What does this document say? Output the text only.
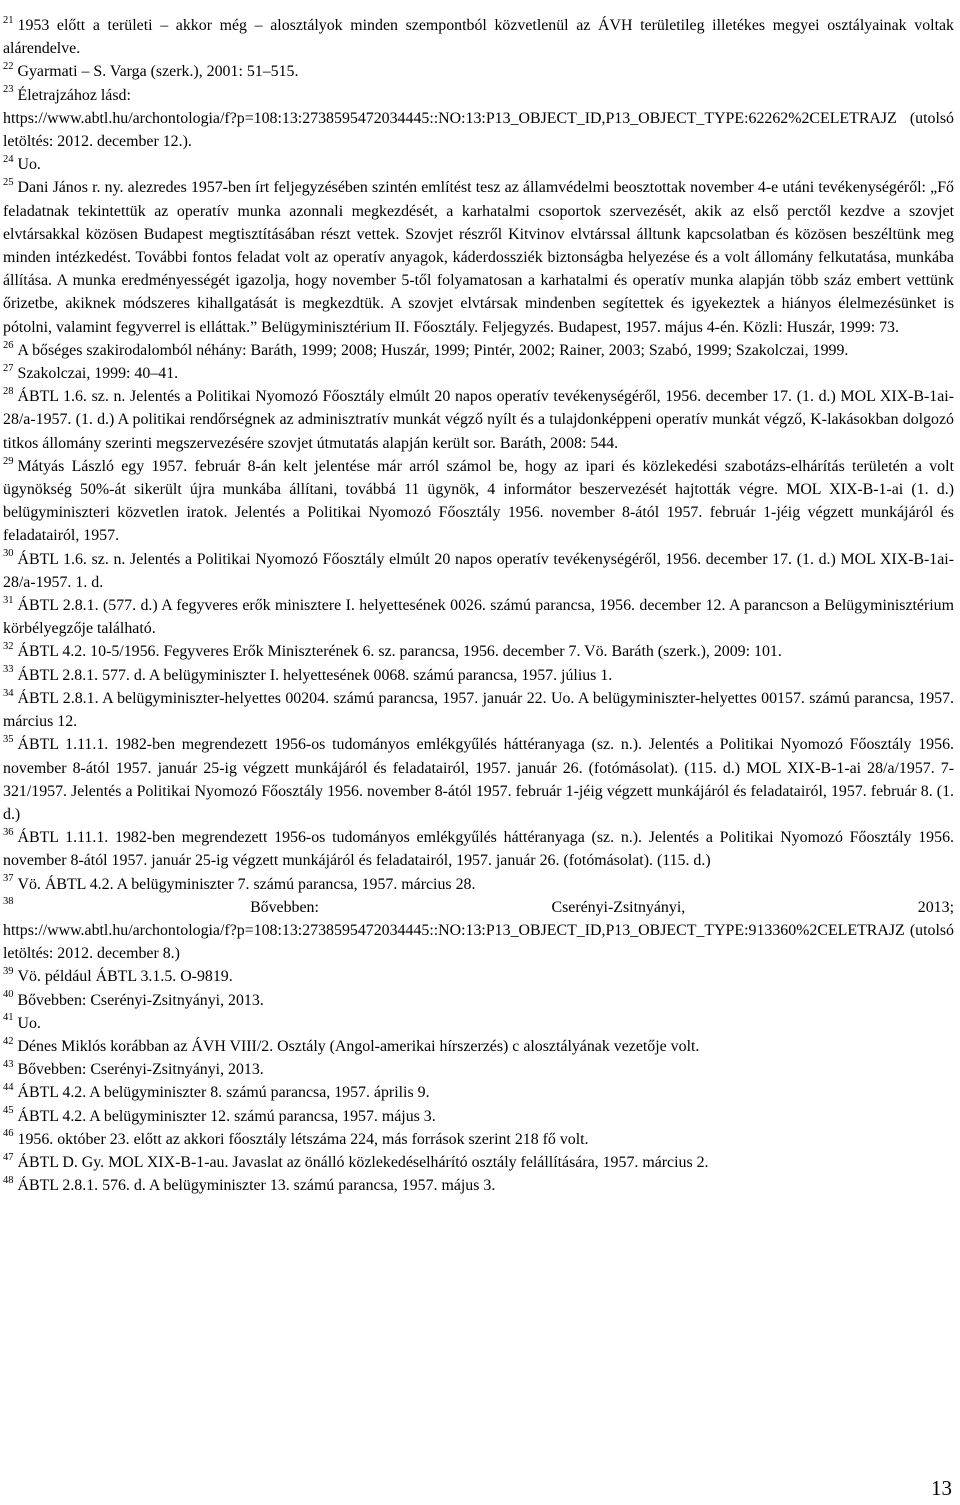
$^{21}$ 1953 előtt a területi – akkor még – alosztályok minden szempontból közvetlenül az ÁVH területileg illetékes megyei osztályainak voltak alárendelve.

$^{22}$ Gyarmati – S. Varga (szerk.), 2001: 51–515.

$^{23}$ Életrajzához lásd:
https://www.abtl.hu/archontologia/f?p=108:13:2738595472034445::NO:13:P13_OBJECT_ID,P13_OBJECT_TYPE:62262%2CELETRAJZ (utolsó letöltés: 2012. december 12.).

$^{24}$ Uo.

$^{25}$ Dani János r. ny. alezredes 1957-ben írt feljegyzésében szintén említést tesz az államvédelmi beosztottak november 4-e utáni tevékenységéről: „Fő feladatnak tekintettük az operatív munka azonnali megkezdését, a karhatalmi csoportok szervezését, akik az első perctől kezdve a szovjet elvtársakkal közösen Budapest megtisztításában részt vettek. Szovjet részről Kitvinov elvtárssal álltunk kapcsolatban és közösen beszéltünk meg minden intézkedést. További fontos feladat volt az operatív anyagok, káderdossziék biztonságba helyezése és a volt állomány felkutatása, munkába állítása. A munka eredményességét igazolja, hogy november 5-től folyamatosan a karhatalmi és operatív munka alapján több száz embert vettünk őrizetbe, akiknek módszeres kihallgatását is megkezdtük. A szovjet elvtársak mindenben segítettek és igyekeztek a hiányos élelmezésünket is pótolni, valamint fegyverrel is elláttak.” Belügyminisztérium II. Főosztály. Feljegyzés. Budapest, 1957. május 4-én. Közli: Huszár, 1999: 73.

$^{26}$ A bőséges szakirodalomból néhány: Baráth, 1999; 2008; Huszár, 1999; Pintér, 2002; Rainer, 2003; Szabó, 1999; Szakolczai, 1999.

$^{27}$ Szakolczai, 1999: 40–41.

$^{28}$ ÁBTL 1.6. sz. n. Jelentés a Politikai Nyomozó Főosztály elmúlt 20 napos operatív tevékenységéről, 1956. december 17. (1. d.) MOL XIX-B-1ai-28/a-1957. (1. d.) A politikai rendőrségnek az adminisztratív munkát végző nyílt és a tulajdonképpeni operatív munkát végző, K-lakásokban dolgozó titkos állomány szerinti megszervezésére szovjet útmutatás alapján került sor. Baráth, 2008: 544.

$^{29}$ Mátyás László egy 1957. február 8-án kelt jelentése már arról számol be, hogy az ipari és közlekedési szabotázs-elhárítás területén a volt ügynökség 50%-át sikerült újra munkába állítani, továbbá 11 ügynök, 4 informátor beszervezését hajtották végre. MOL XIX-B-1-ai (1. d.) belügyminiszteri közvetlen iratok. Jelentés a Politikai Nyomozó Főosztály 1956. november 8-ától 1957. február 1-jéig végzett munkájáról és feladatairól, 1957.

$^{30}$ ÁBTL 1.6. sz. n. Jelentés a Politikai Nyomozó Főosztály elmúlt 20 napos operatív tevékenységéről, 1956. december 17. (1. d.) MOL XIX-B-1ai-28/a-1957. 1. d.

$^{31}$ ÁBTL 2.8.1. (577. d.) A fegyveres erők minisztere I. helyettesének 0026. számú parancsa, 1956. december 12. A parancson a Belügyminisztérium körbélyegzője található.

$^{32}$ ÁBTL 4.2. 10-5/1956. Fegyveres Erők Miniszterének 6. sz. parancsa, 1956. december 7. Vö. Baráth (szerk.), 2009: 101.

$^{33}$ ÁBTL 2.8.1. 577. d. A belügyminiszter I. helyettesének 0068. számú parancsa, 1957. július 1.

$^{34}$ ÁBTL 2.8.1. A belügyminiszter-helyettes 00204. számú parancsa, 1957. január 22. Uo. A belügyminiszter-helyettes 00157. számú parancsa, 1957. március 12.

$^{35}$ ÁBTL 1.11.1. 1982-ben megrendezett 1956-os tudományos emlékgyűlés háttéranyaga (sz. n.). Jelentés a Politikai Nyomozó Főosztály 1956. november 8-ától 1957. január 25-ig végzett munkájáról és feladatairól, 1957. január 26. (fotómásolat). (115. d.) MOL XIX-B-1-ai 28/a/1957. 7-321/1957. Jelentés a Politikai Nyomozó Főosztály 1956. november 8-ától 1957. február 1-jéig végzett munkájáról és feladatairól, 1957. február 8. (1. d.)

$^{36}$ ÁBTL 1.11.1. 1982-ben megrendezett 1956-os tudományos emlékgyűlés háttéranyaga (sz. n.). Jelentés a Politikai Nyomozó Főosztály 1956. november 8-ától 1957. január 25-ig végzett munkájáról és feladatairól, 1957. január 26. (fotómásolat). (115. d.)

$^{37}$ Vö. ÁBTL 4.2. A belügyminiszter 7. számú parancsa, 1957. március 28.

$^{38}$	Bővebben:	Cserényi-Zsitnyányi,	2013;
https://www.abtl.hu/archontologia/f?p=108:13:2738595472034445::NO:13:P13_OBJECT_ID,P13_OBJECT_TYPE:913360%2CELETRAJZ (utolsó letöltés: 2012. december 8.)

$^{39}$ Vö. például ÁBTL 3.1.5. O-9819.

$^{40}$ Bővebben: Cserényi-Zsitnyányi, 2013.

$^{41}$ Uo.

$^{42}$ Dénes Miklós korábban az ÁVH VIII/2. Osztály (Angol-amerikai hírszerzés) c alosztályának vezetője volt.

$^{43}$ Bővebben: Cserényi-Zsitnyányi, 2013.

$^{44}$ ÁBTL 4.2. A belügyminiszter 8. számú parancsa, 1957. április 9.

$^{45}$ ÁBTL 4.2. A belügyminiszter 12. számú parancsa, 1957. május 3.

$^{46}$ 1956. október 23. előtt az akkori főosztály létszáma 224, más források szerint 218 fő volt.

$^{47}$ ÁBTL D. Gy. MOL XIX-B-1-au. Javaslat az önálló közlekedéselhárító osztály felállítására, 1957. március 2.

$^{48}$ ÁBTL 2.8.1. 576. d. A belügyminiszter 13. számú parancsa, 1957. május 3.

13
